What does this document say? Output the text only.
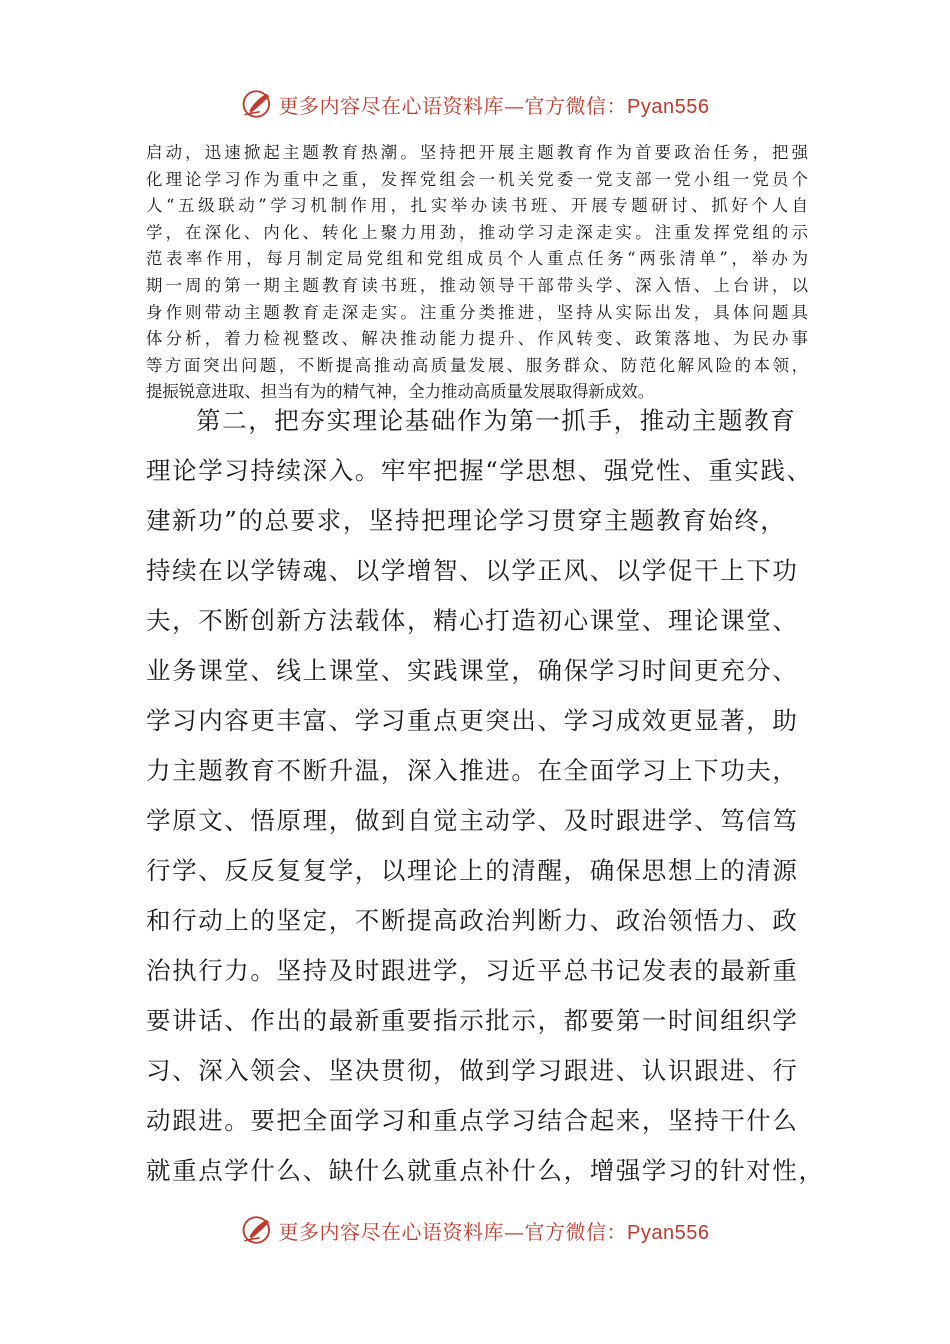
更多内容尽在心语资料库—官方微信：Pyan556
启动，迅速掀起主题教育热潮。坚持把开展主题教育作为首要政治任务，把强
化理论学习作为重中之重，发挥党组会一机关党委一党支部一党小组一党员个
人“五级联动”学习机制作用，扎实举办读书班、开展专题研讨、抓好个人自
学，在深化、内化、转化上聚力用劲，推动学习走深走实。注重发挥党组的示
范表率作用，每月制定局党组和党组成员个人重点任务“两张清单”，举办为
期一周的第一期主题教育读书班，推动领导干部带头学、深入悟、上台讲，以
身作则带动主题教育走深走实。注重分类推进，坚持从实际出发，具体问题具
体分析，着力检视整改、解决推动能力提升、作风转变、政策落地、为民办事
等方面突出问题，不断提高推动高质量发展、服务群众、防范化解风险的本领，
提振锐意进取、担当有为的精气神，全力推动高质量发展取得新成效。
第二，把夯实理论基础作为第一抓手，推动主题教育
理论学习持续深入。牢牢把握“学思想、强党性、重实践、
建新功”的总要求，坚持把理论学习贯穿主题教育始终，
持续在以学铸魂、以学增智、以学正风、以学促干上下功
夫，不断创新方法载体，精心打造初心课堂、理论课堂、
业务课堂、线上课堂、实践课堂，确保学习时间更充分、
学习内容更丰富、学习重点更突出、学习成效更显著，助
力主题教育不断升温，深入推进。在全面学习上下功夫，
学原文、悟原理，做到自觉主动学、及时跟进学、笃信笃
行学、反反复复学，以理论上的清醒，确保思想上的清源
和行动上的坚定，不断提高政治判断力、政治领悟力、政
治执行力。坚持及时跟进学，习近平总书记发表的最新重
要讲话、作出的最新重要指示批示，都要第一时间组织学
习、深入领会、坚决贯彻，做到学习跟进、认识跟进、行
动跟进。要把全面学习和重点学习结合起来，坚持干什么
就重点学什么、缺什么就重点补什么，增强学习的针对性，
更多内容尽在心语资料库—官方微信：Pyan556
